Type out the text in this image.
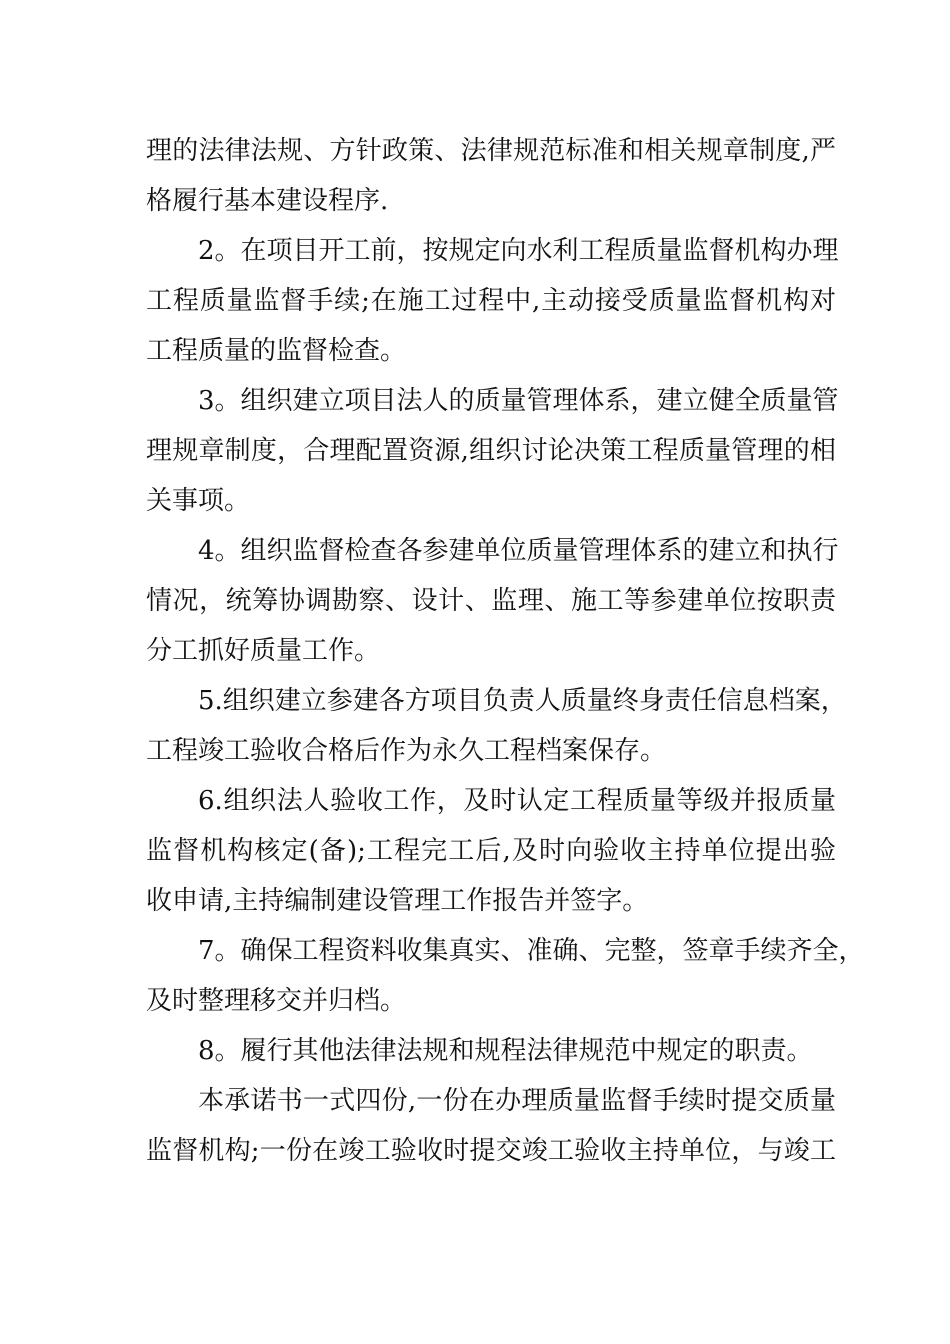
理的法律法规、方针政策、法律规范标准和相关规章制度,严
格履行基本建设程序.
2。在项目开工前，按规定向水利工程质量监督机构办理
工程质量监督手续;在施工过程中,主动接受质量监督机构对
工程质量的监督检查。
3。组织建立项目法人的质量管理体系，建立健全质量管
理规章制度，合理配置资源,组织讨论决策工程质量管理的相
关事项。
4。组织监督检查各参建单位质量管理体系的建立和执行
情况，统筹协调勘察、设计、监理、施工等参建单位按职责
分工抓好质量工作。
5.组织建立参建各方项目负责人质量终身责任信息档案，
工程竣工验收合格后作为永久工程档案保存。
6.组织法人验收工作，及时认定工程质量等级并报质量
监督机构核定(备);工程完工后,及时向验收主持单位提出验
收申请,主持编制建设管理工作报告并签字。
7。确保工程资料收集真实、准确、完整，签章手续齐全，
及时整理移交并归档。
8。履行其他法律法规和规程法律规范中规定的职责。
本承诺书一式四份,一份在办理质量监督手续时提交质量
监督机构;一份在竣工验收时提交竣工验收主持单位，与竣工
